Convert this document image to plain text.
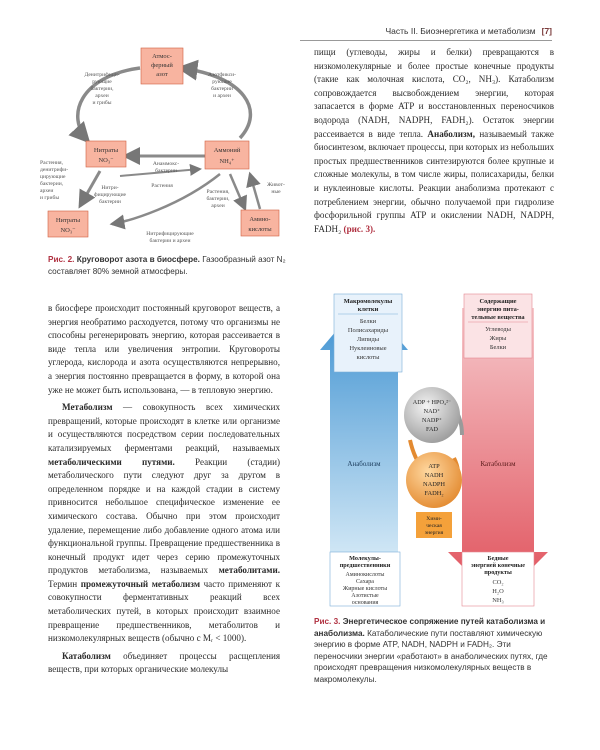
Часть II. Биоэнергетика и метаболизм [7]
Атмос-
ферный
азот
Нитраты
NO₃⁻
Аммоний
NH₄⁺
Нитраты
NO₃⁻
Амино-
кислоты
Денитрифици-
рующие
бактерии,
археи
и грибы
Азотфикси-
рующие
бактерии
и археи
Анаммокс-
бактерии
Растения,
денитрифи-
цирующие
бактерии,
археи
и грибы
Нитри-
фицирующие
бактерии
Растения
Нитрифицирующие
бактерии и археи
Растения,
бактерии,
археи
Живот-
ные
Рис. 2. Круговорот азота в биосфере. Газообразный азот N₂ составляет 80% земной атмосферы.

пищи (углеводы, жиры и белки) превращаются в низкомолекулярные и более простые конечные продукты (такие как молочная кислота, CO₂, NH₃). Катаболизм сопровождается высвобождением энергии, которая запасается в форме ATP и восстановленных переносчиков водорода (NADH, NADPH, FADH₂). Остаток энергии рассеивается в виде тепла. Анаболизм, называемый также биосинтезом, включает процессы, при которых из небольших простых предшественников синтезируются более крупные и сложные молекулы, в том числе жиры, полисахариды, белки и нуклеиновые кислоты. Реакции анаболизма протекают с потреблением энергии, обычно получаемой при гидролизе фосфорильной группы ATP и окислении NADH, NADPH, FADH₂ (рис. 3).

в биосфере происходит постоянный круговорот веществ, а энергия необратимо расходуется, потому что организмы не способны регенерировать энергию, которая рассеивается в виде тепла или увеличения энтропии. Круговороты углерода, кислорода и азота осуществляются непрерывно, а энергия постоянно превращается в форму, в которой она уже не может быть использована, — в тепловую энергию.

Метаболизм — совокупность всех химических превращений, которые происходят в клетке или организме и осуществляются посредством серии последовательных катализируемых ферментами реакций, называемых метаболическими путями. Реакции (стадии) метаболического пути следуют друг за другом в определенном порядке и на каждой стадии в систему привносится небольшое специфическое изменение ее химического состава. Обычно при этом происходит удаление, перемещение либо добавление одного атома или функциональной группы. Превращение предшественника в конечный продукт идет через серию промежуточных продуктов метаболизма, называемых метаболитами. Термин промежуточный метаболизм часто применяют к совокупности ферментативных реакций всех метаболических путей, в которых происходит взаимное превращение предшественников, метаболитов и низкомолекулярных веществ (обычно с Mᵣ < 1000).

Катаболизм объединяет процессы расщепления веществ, при которых органические молекулы

Макромолекулы
клетки
Белки
Полисахариды
Липиды
Нуклеиновые
кислоты
Содержащие
энергию пита-
тельные вещества
Углеводы
Жиры
Белки
ADP + HPO₄²⁻
NAD⁺
NADP⁺
FAD
ATP
NADH
NADPH
FADH₂
Хими-
ческая
энергия
Анаболизм	Катаболизм
Молекулы-
предшественники
Аминокислоты
Сахара
Жирные кислоты
Азотистые
основания
Бедные
энергией конечные
продукты
CO₂
H₂O
NH₃
Рис. 3. Энергетическое сопряжение путей катаболизма и анаболизма. Катаболические пути поставляют химическую энергию в форме ATP, NADH, NADPH и FADH₂. Эти переносчики энергии «работают» в анаболических путях, где происходят превращения низкомолекулярных веществ в макромолекулы.
